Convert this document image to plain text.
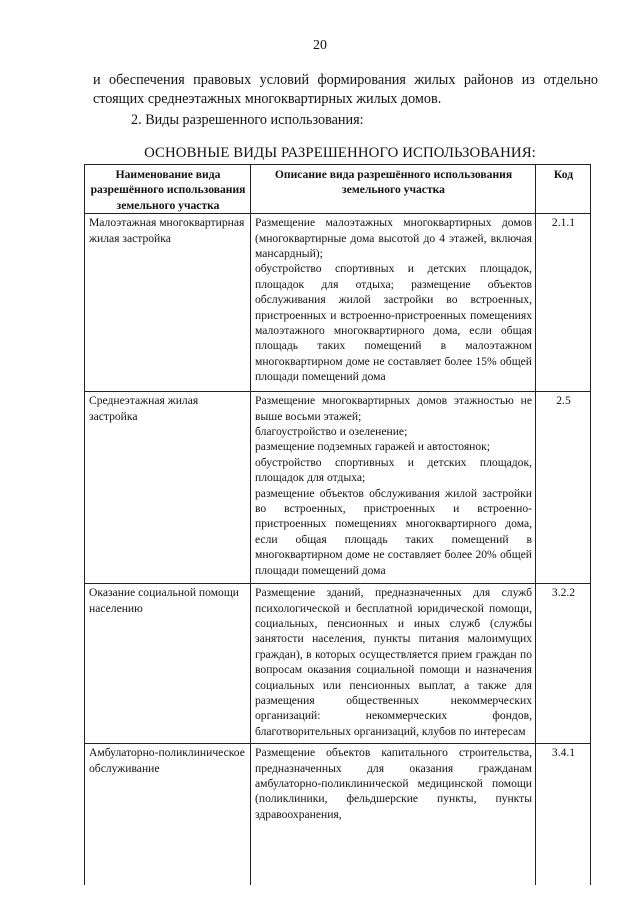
20
и обеспечения правовых условий формирования жилых районов из отдельно стоящих среднеэтажных многоквартирных жилых домов.
2. Виды разрешенного использования:
ОСНОВНЫЕ ВИДЫ РАЗРЕШЕННОГО ИСПОЛЬЗОВАНИЯ:
Наименование вида разрешённого использования земельного участка	Описание вида разрешённого использования земельного участка	Код
Малоэтажная многоквартирная жилая застройка	Размещение малоэтажных многоквартирных домов (многоквартирные дома высотой до 4 этажей, включая мансардный);
обустройство спортивных и детских площадок, площадок для отдыха; размещение объектов обслуживания жилой застройки во встроенных, пристроенных и встроенно-пристроенных помещениях малоэтажного многоквартирного дома, если общая площадь таких помещений в малоэтажном многоквартирном доме не составляет более 15% общей площади помещений дома	2.1.1
Среднеэтажная жилая застройка	Размещение многоквартирных домов этажностью не выше восьми этажей;
благоустройство и озеленение;
размещение подземных гаражей и автостоянок;
обустройство спортивных и детских площадок, площадок для отдыха;
размещение объектов обслуживания жилой застройки во встроенных, пристроенных и встроенно-пристроенных помещениях многоквартирного дома, если общая площадь таких помещений в многоквартирном доме не составляет более 20% общей площади помещений дома	2.5
Оказание социальной помощи населению	Размещение зданий, предназначенных для служб психологической и бесплатной юридической помощи, социальных, пенсионных и иных служб (службы занятости населения, пункты питания малоимущих граждан), в которых осуществляется прием граждан по вопросам оказания социальной помощи и назначения социальных или пенсионных выплат, а также для размещения общественных некоммерческих организаций: некоммерческих фондов, благотворительных организаций, клубов по интересам	3.2.2
Амбулаторно-поликлиническое обслуживание	Размещение объектов капитального строительства, предназначенных для оказания гражданам амбулаторно-поликлинической медицинской помощи (поликлиники, фельдшерские пункты, пункты здравоохранения,	3.4.1
